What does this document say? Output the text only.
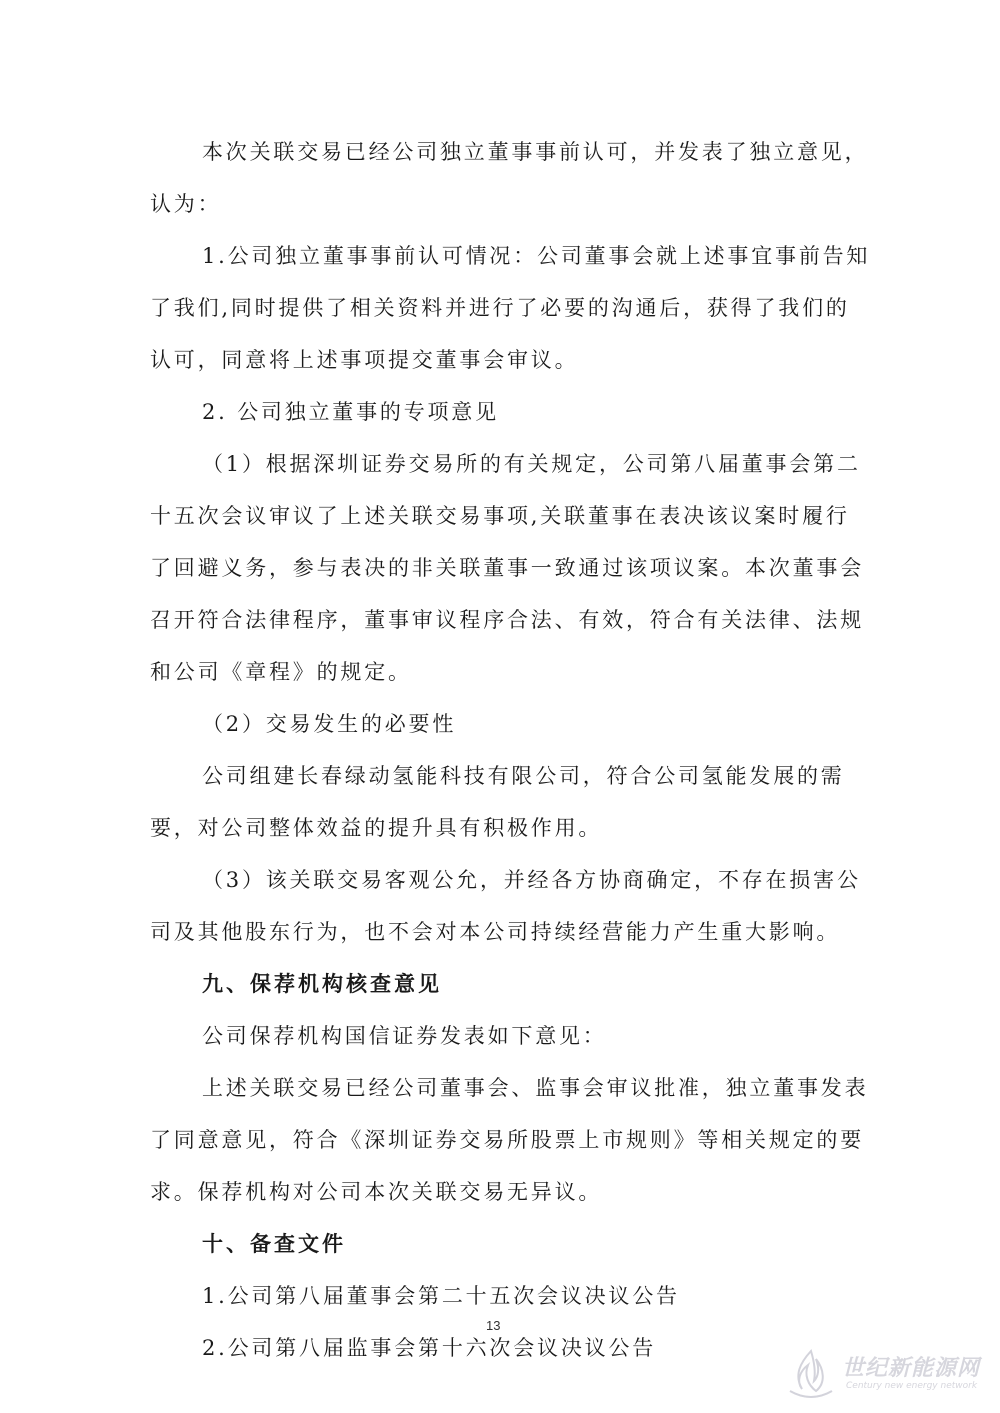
本次关联交易已经公司独立董事事前认可，并发表了独立意见，
认为：
1.公司独立董事事前认可情况：公司董事会就上述事宜事前告知
了我们,同时提供了相关资料并进行了必要的沟通后，获得了我们的
认可，同意将上述事项提交董事会审议。
2. 公司独立董事的专项意见
（1）根据深圳证券交易所的有关规定，公司第八届董事会第二
十五次会议审议了上述关联交易事项,关联董事在表决该议案时履行
了回避义务，参与表决的非关联董事一致通过该项议案。本次董事会
召开符合法律程序，董事审议程序合法、有效，符合有关法律、法规
和公司《章程》的规定。
（2）交易发生的必要性
公司组建长春绿动氢能科技有限公司，符合公司氢能发展的需
要，对公司整体效益的提升具有积极作用。
（3）该关联交易客观公允，并经各方协商确定，不存在损害公
司及其他股东行为，也不会对本公司持续经营能力产生重大影响。
九、保荐机构核查意见
公司保荐机构国信证券发表如下意见：
上述关联交易已经公司董事会、监事会审议批准，独立董事发表
了同意意见，符合《深圳证券交易所股票上市规则》等相关规定的要
求。保荐机构对公司本次关联交易无异议。
十、备查文件
1.公司第八届董事会第二十五次会议决议公告
2.公司第八届监事会第十六次会议决议公告
13
世纪新能源网
Century new energy network
